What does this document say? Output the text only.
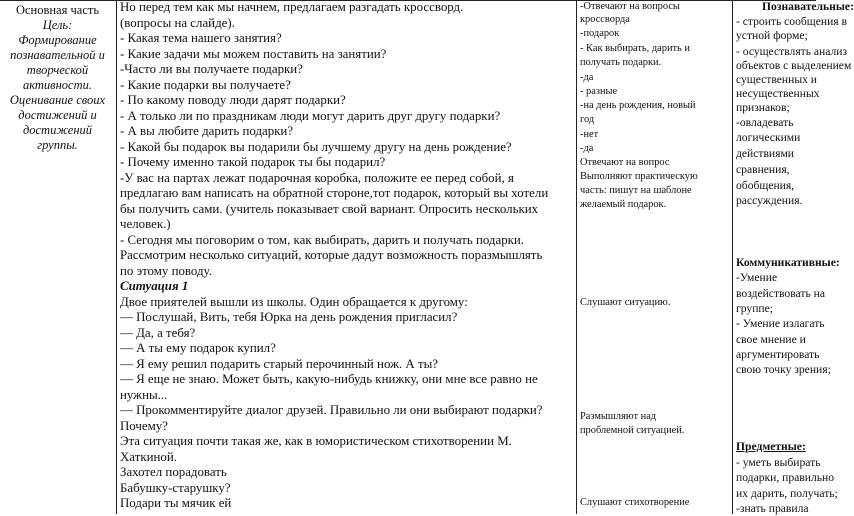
Основная часть
Цель:
Формирование
познавательной и
творческой
активности.
Оценивание своих
достижений и
достижений
группы.
Но перед тем как мы начнем, предлагаем разгадать кроссворд.
(вопросы на слайде).
- Какая тема нашего занятия?
- Какие задачи мы можем поставить на занятии?
-Часто ли вы получаете подарки?
- Какие подарки вы получаете?
- По какому поводу люди дарят подарки?
- А только ли по праздникам люди могут дарить друг другу подарки?
- А вы любите дарить подарки?
- Какой бы подарок вы подарили бы лучшему другу на день рождение?
- Почему именно такой подарок ты бы подарил?
-У вас на партах лежат подарочная коробка, положите ее перед собой, я
предлагаю вам написать на обратной стороне,тот подарок, который вы хотели
бы получить сами. (учитель показывает свой вариант. Опросить нескольких
человек.)
- Сегодня мы поговорим о том, как выбирать, дарить и получать подарки.
Рассмотрим несколько ситуаций, которые дадут возможность поразмышлять
по этому поводу.
Ситуация 1
Двое приятелей вышли из школы. Один обращается к другому:
— Послушай, Вить, тебя Юрка на день рождения пригласил?
— Да, а тебя?
— А ты ему подарок купил?
— Я ему решил подарить старый перочинный нож. А ты?
— Я еще не знаю. Может быть, какую-нибудь книжку, они мне все равно не
нужны...
— Прокомментируйте диалог друзей. Правильно ли они выбирают подарки?
Почему?
Эта ситуация почти такая же, как в юмористическом стихотворении М.
Хаткиной.
Захотел порадовать
Бабушку-старушку?
Подари ты мячик ей
-Отвечают на вопросы
кроссворда
-подарок
- Как выбирать, дарить и
получать подарки.
-да
- разные
-на день рождения, новый
год
-нет
-да
Отвечают на вопрос
Выполняют практическую
часть: пишут на шаблоне
желаемый подарок.
Слушают ситуацию.
Размышляют над
проблемной ситуацией.
Слушают стихотворение
Познавательные:
- строить сообщения в
устной форме;
- осуществлять анализ
объектов с выделением
существенных и
несущественных
признаков;
-овладевать
логическими
действиями
сравнения,
обобщения,
рассуждения.
Коммуникативные:
-Умение
воздействовать на
группе;
- Умение излагать
свое мнение и
аргументировать
свою точку зрения;
Предметные:
- уметь выбирать
подарки, правильно
их дарить, получать;
-знать правила
